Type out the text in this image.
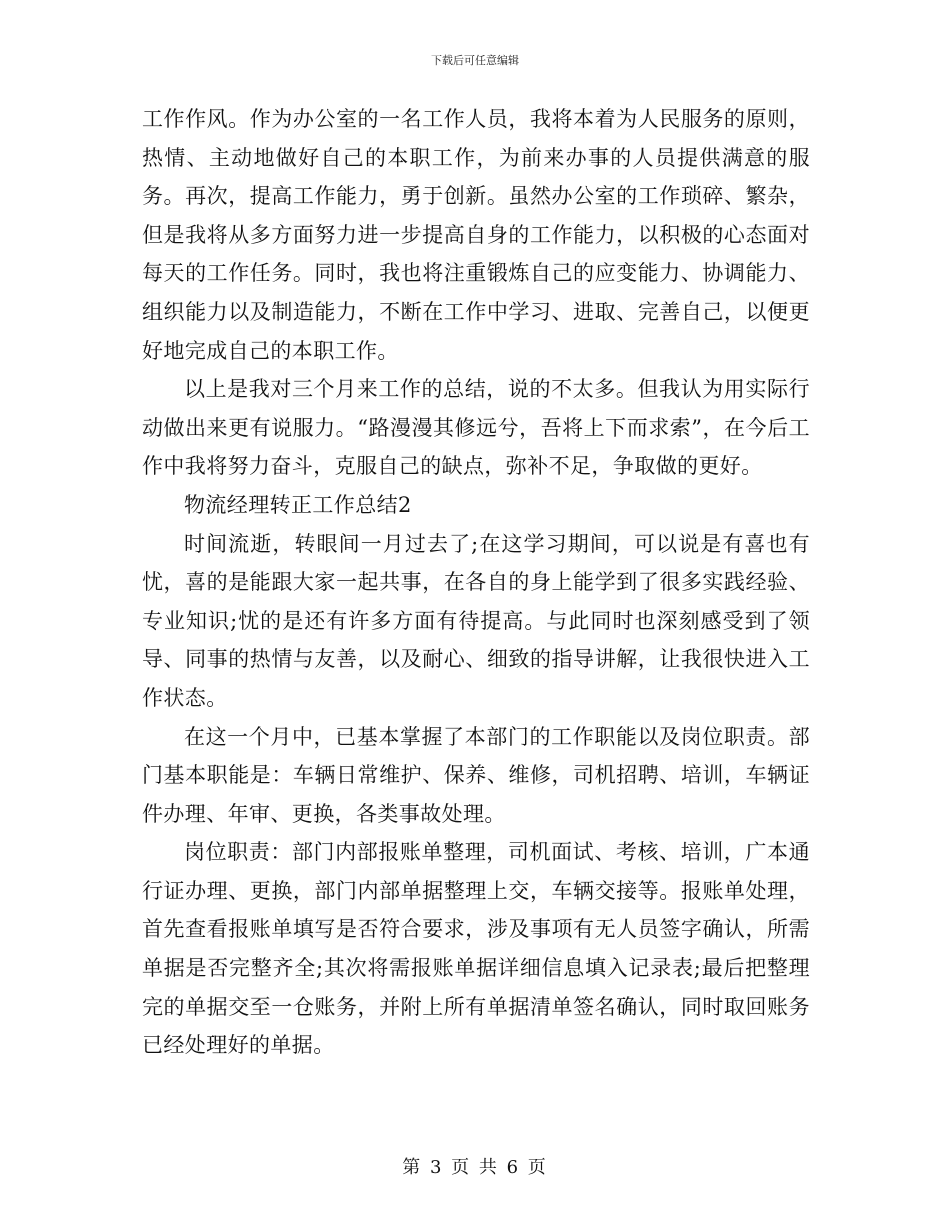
下载后可任意编辑

工作作风。作为办公室的一名工作人员，我将本着为人民服务的原则，热情、主动地做好自己的本职工作，为前来办事的人员提供满意的服务。再次，提高工作能力，勇于创新。虽然办公室的工作琐碎、繁杂，但是我将从多方面努力进一步提高自身的工作能力，以积极的心态面对每天的工作任务。同时，我也将注重锻炼自己的应变能力、协调能力、组织能力以及制造能力，不断在工作中学习、进取、完善自己，以便更好地完成自己的本职工作。

以上是我对三个月来工作的总结，说的不太多。但我认为用实际行动做出来更有说服力。“路漫漫其修远兮，吾将上下而求索”，在今后工作中我将努力奋斗，克服自己的缺点，弥补不足，争取做的更好。

物流经理转正工作总结2

时间流逝，转眼间一月过去了;在这学习期间，可以说是有喜也有忧，喜的是能跟大家一起共事，在各自的身上能学到了很多实践经验、专业知识;忧的是还有许多方面有待提高。与此同时也深刻感受到了领导、同事的热情与友善，以及耐心、细致的指导讲解，让我很快进入工作状态。

在这一个月中，已基本掌握了本部门的工作职能以及岗位职责。部门基本职能是：车辆日常维护、保养、维修，司机招聘、培训，车辆证件办理、年审、更换，各类事故处理。

岗位职责：部门内部报账单整理，司机面试、考核、培训，广本通行证办理、更换，部门内部单据整理上交，车辆交接等。报账单处理，首先查看报账单填写是否符合要求，涉及事项有无人员签字确认，所需单据是否完整齐全;其次将需报账单据详细信息填入记录表;最后把整理完的单据交至一仓账务，并附上所有单据清单签名确认，同时取回账务已经处理好的单据。

第 3 页 共 6 页
